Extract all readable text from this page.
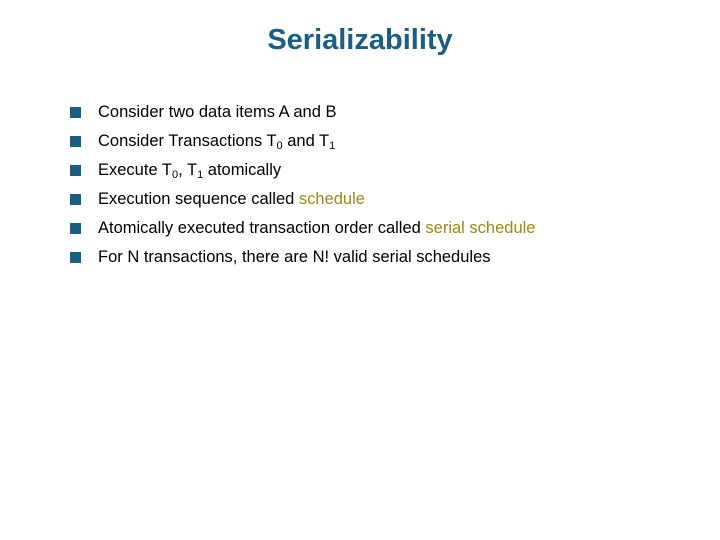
Serializability
Consider two data items A and B
Consider Transactions $T_0$ and $T_1$
Execute $T_0$, $T_1$ atomically
Execution sequence called schedule
Atomically executed transaction order called serial schedule
For N transactions, there are N! valid serial schedules
